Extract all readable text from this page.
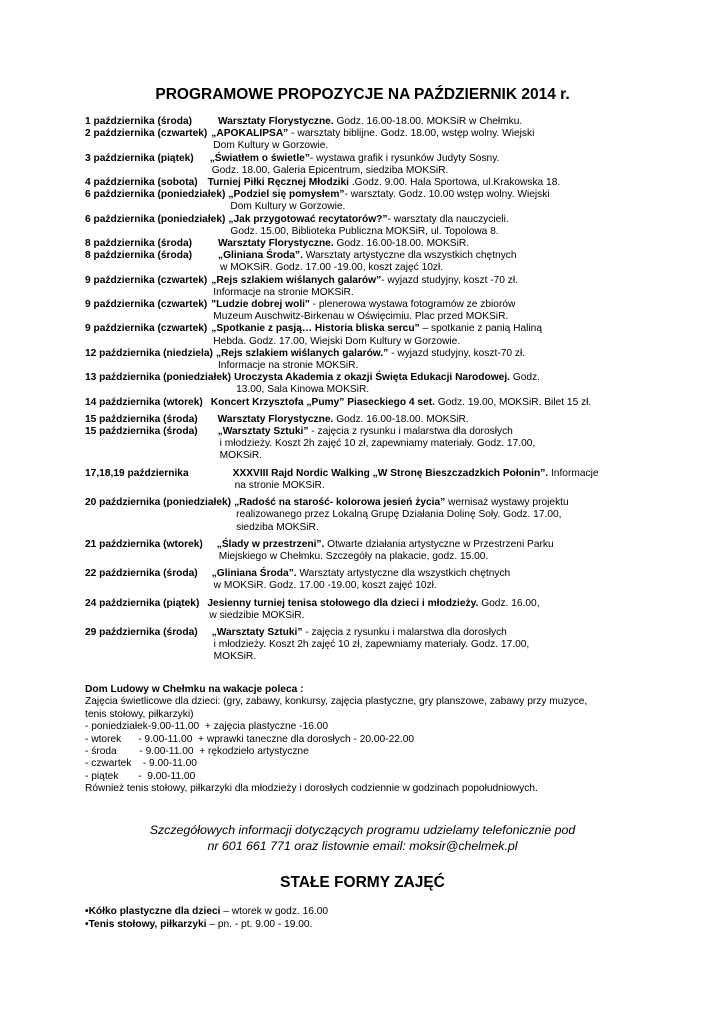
PROGRAMOWE PROPOZYCJE NA PAŹDZIERNIK 2014 r.
1 października (środa)	Warsztaty Florystyczne. Godz. 16.00-18.00. MOKSiR w Chełmku.
2 października (czwartek) „APOKALIPSA” - warsztaty biblijne. Godz. 18.00, wstęp wolny. Wiejski
Dom Kultury w Gorzowie.
3 października (piątek)	„Światłem o świetle”- wystawa grafik i rysunków Judyty Sosny.
Godz. 18.00, Galeria Epicentrum, siedziba MOKSiR.
4 października (sobota) Turniej Piłki Ręcznej Młodziki .Godz. 9.00. Hala Sportowa, ul.Krakowska 18.
6 października (poniedziałek) „Podziel się pomysłem”- warsztaty. Godz. 10.00 wstęp wolny. Wiejski
Dom Kultury w Gorzowie.
6 października (poniedziałek) „Jak przygotować recytatorów?”- warsztaty dla nauczycieli.
Godz. 15.00, Biblioteka Publiczna MOKSiR, ul. Topolowa 8.
8 października (środa)	Warsztaty Florystyczne. Godz. 16.00-18.00. MOKSiR.
8 października (środa)	„Gliniana Środa”. Warsztaty artystyczne dla wszystkich chętnych
w MOKSiR. Godz. 17.00 -19.00, koszt zajęć 10zł.
9 października (czwartek) „Rejs szlakiem wiślanych galarów”- wyjazd studyjny, koszt -70 zł.
Informacje na stronie MOKSiR.
9 października (czwartek) "Ludzie dobrej woli" - plenerowa wystawa fotogramów ze zbiorów
Muzeum Auschwitz-Birkenau w Oświęcimiu. Plac przed MOKSiR.
9 października (czwartek) „Spotkanie z pasją… Historia bliska sercu” – spotkanie z panią Haliną
Hebda. Godz. 17.00, Wiejski Dom Kultury w Gorzowie.
12 października (niedziela) „Rejs szlakiem wiślanych galarów.” - wyjazd studyjny, koszt-70 zł.
Informacje na stronie MOKSiR.
13 października (poniedziałek) Uroczysta Akademia z okazji Święta Edukacji Narodowej. Godz.
13.00, Sala Kinowa MOKSiR.
14 października (wtorek) Koncert Krzysztofa „Pumy” Piaseckiego 4 set. Godz. 19.00, MOKSiR. Bilet 15 zł.
15 października (środa)	Warsztaty Florystyczne. Godz. 16.00-18.00. MOKSiR.
15 października (środa)	„Warsztaty Sztuki” - zajęcia z rysunku i malarstwa dla dorosłych
i młodzieży. Koszt 2h zajęć 10 zł, zapewniamy materiały. Godz. 17.00,
MOKSiR.
17,18,19 października	XXXVIII Rajd Nordic Walking „W Stronę Bieszczadzkich Połonin”. Informacje
na stronie MOKSiR.
20 października (poniedziałek) „Radość na starość- kolorowa jesień życia” wernisaż wystawy projektu
realizowanego przez Lokalną Grupę Działania Dolinę Soły. Godz. 17.00,
siedziba MOKSiR.
21 października (wtorek)	„Ślady w przestrzeni”. Otwarte działania artystyczne w Przestrzeni Parku
Miejskiego w Chełmku. Szczegóły na plakacie, godz. 15.00.
22 października (środa)	„Gliniana Środa”. Warsztaty artystyczne dla wszystkich chętnych
w MOKSiR. Godz. 17.00 -19.00, koszt zajęć 10zł.
24 października (piątek) Jesienny turniej tenisa stołowego dla dzieci i młodzieży. Godz. 16.00,
w siedzibie MOKSiR.
29 października (środa)	„Warsztaty Sztuki” - zajęcia z rysunku i malarstwa dla dorosłych
i młodzieży. Koszt 2h zajęć 10 zł, zapewniamy materiały. Godz. 17.00,
MOKSiR.
Dom Ludowy w Chełmku na wakacje poleca :
Zajęcia świetlicowe dla dzieci: (gry, zabawy, konkursy, zajęcia plastyczne, gry planszowe, zabawy przy muzyce,
tenis stołowy, piłkarzyki)
- poniedziałek-9.00-11.00  + zajęcia plastyczne -16.00
- wtorek      - 9.00-11.00  + wprawki taneczne dla dorosłych - 20.00-22.00
- środa        - 9.00-11.00  + rękodzieło artystyczne
- czwartek    - 9.00-11.00
- piątek       -  9.00-11.00
Również tenis stołowy, piłkarzyki dla młodzieży i dorosłych codziennie w godzinach popołudniowych.
Szczegółowych informacji dotyczących programu udzielamy telefonicznie pod
nr 601 661 771 oraz listownie email: moksir@chelmek.pl
STAŁE FORMY ZAJĘĆ
•Kółko plastyczne dla dzieci – wtorek w godz. 16.00
•Tenis stołowy, piłkarzyki – pn. - pt. 9.00 - 19.00.
